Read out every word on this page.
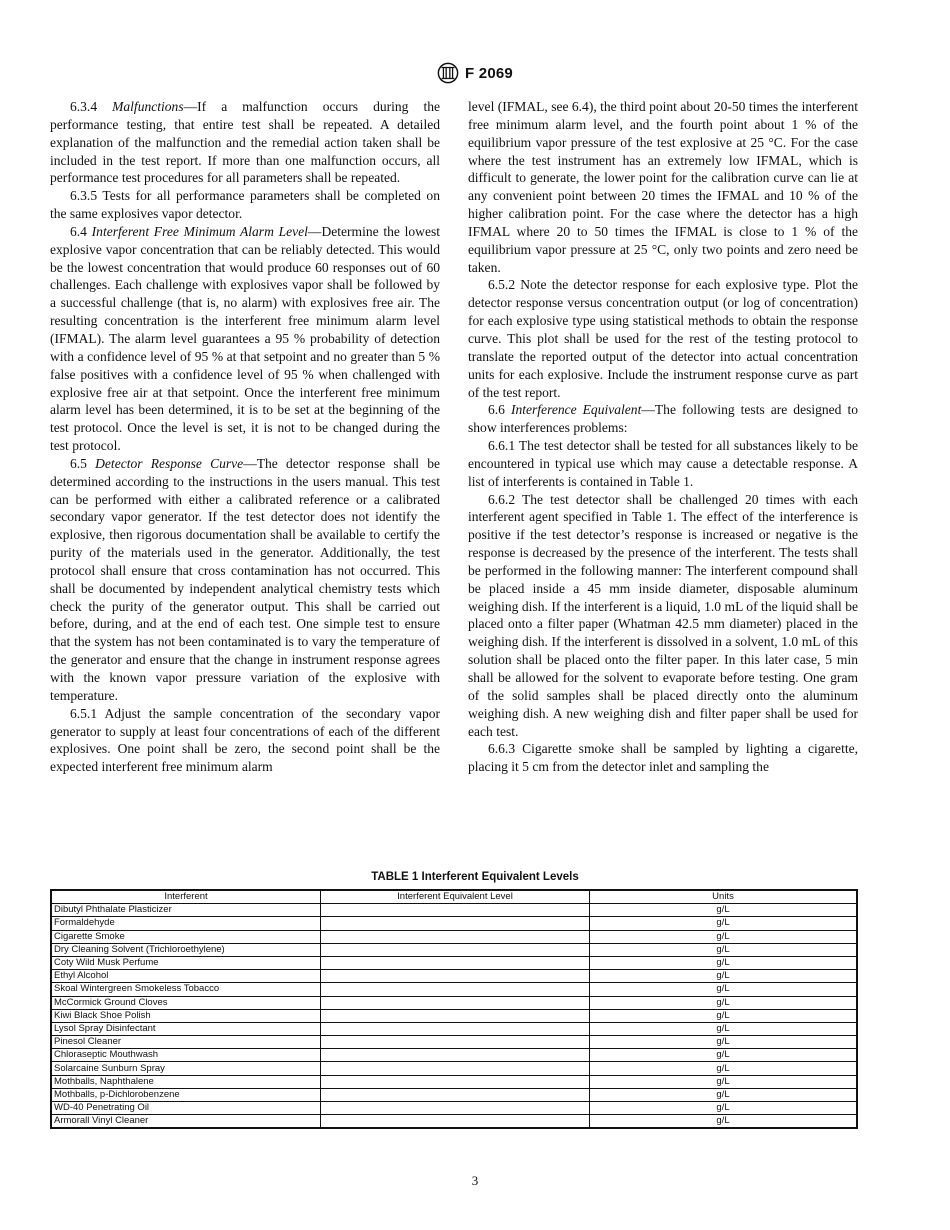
F 2069

6.3.4 Malfunctions—If a malfunction occurs during the performance testing, that entire test shall be repeated. A detailed explanation of the malfunction and the remedial action taken shall be included in the test report. If more than one malfunction occurs, all performance test procedures for all parameters shall be repeated.

6.3.5 Tests for all performance parameters shall be completed on the same explosives vapor detector.

6.4 Interferent Free Minimum Alarm Level—Determine the lowest explosive vapor concentration that can be reliably detected. This would be the lowest concentration that would produce 60 responses out of 60 challenges. Each challenge with explosives vapor shall be followed by a successful challenge (that is, no alarm) with explosives free air. The resulting concentration is the interferent free minimum alarm level (IFMAL). The alarm level guarantees a 95 % probability of detection with a confidence level of 95 % at that setpoint and no greater than 5 % false positives with a confidence level of 95 % when challenged with explosive free air at that setpoint. Once the interferent free minimum alarm level has been determined, it is to be set at the beginning of the test protocol. Once the level is set, it is not to be changed during the test protocol.

6.5 Detector Response Curve—The detector response shall be determined according to the instructions in the users manual. This test can be performed with either a calibrated reference or a calibrated secondary vapor generator. If the test detector does not identify the explosive, then rigorous documentation shall be available to certify the purity of the materials used in the generator. Additionally, the test protocol shall ensure that cross contamination has not occurred. This shall be documented by independent analytical chemistry tests which check the purity of the generator output. This shall be carried out before, during, and at the end of each test. One simple test to ensure that the system has not been contaminated is to vary the temperature of the generator and ensure that the change in instrument response agrees with the known vapor pressure variation of the explosive with temperature.

6.5.1 Adjust the sample concentration of the secondary vapor generator to supply at least four concentrations of each of the different explosives. One point shall be zero, the second point shall be the expected interferent free minimum alarm

level (IFMAL, see 6.4), the third point about 20-50 times the interferent free minimum alarm level, and the fourth point about 1 % of the equilibrium vapor pressure of the test explosive at 25 °C. For the case where the test instrument has an extremely low IFMAL, which is difficult to generate, the lower point for the calibration curve can lie at any convenient point between 20 times the IFMAL and 10 % of the higher calibration point. For the case where the detector has a high IFMAL where 20 to 50 times the IFMAL is close to 1 % of the equilibrium vapor pressure at 25 °C, only two points and zero need be taken.

6.5.2 Note the detector response for each explosive type. Plot the detector response versus concentration output (or log of concentration) for each explosive type using statistical methods to obtain the response curve. This plot shall be used for the rest of the testing protocol to translate the reported output of the detector into actual concentration units for each explosive. Include the instrument response curve as part of the test report.

6.6 Interference Equivalent—The following tests are designed to show interferences problems:

6.6.1 The test detector shall be tested for all substances likely to be encountered in typical use which may cause a detectable response. A list of interferents is contained in Table 1.

6.6.2 The test detector shall be challenged 20 times with each interferent agent specified in Table 1. The effect of the interference is positive if the test detector’s response is increased or negative is the response is decreased by the presence of the interferent. The tests shall be performed in the following manner: The interferent compound shall be placed inside a 45 mm inside diameter, disposable aluminum weighing dish. If the interferent is a liquid, 1.0 mL of the liquid shall be placed onto a filter paper (Whatman 42.5 mm diameter) placed in the weighing dish. If the interferent is dissolved in a solvent, 1.0 mL of this solution shall be placed onto the filter paper. In this later case, 5 min shall be allowed for the solvent to evaporate before testing. One gram of the solid samples shall be placed directly onto the aluminum weighing dish. A new weighing dish and filter paper shall be used for each test.

6.6.3 Cigarette smoke shall be sampled by lighting a cigarette, placing it 5 cm from the detector inlet and sampling the

TABLE 1 Interferent Equivalent Levels
Interferent	Interferent Equivalent Level	Units
Dibutyl Phthalate Plasticizer		g/L
Formaldehyde		g/L
Cigarette Smoke		g/L
Dry Cleaning Solvent (Trichloroethylene)		g/L
Coty Wild Musk Perfume		g/L
Ethyl Alcohol		g/L
Skoal Wintergreen Smokeless Tobacco		g/L
McCormick Ground Cloves		g/L
Kiwi Black Shoe Polish		g/L
Lysol Spray Disinfectant		g/L
Pinesol Cleaner		g/L
Chloraseptic Mouthwash		g/L
Solarcaine Sunburn Spray		g/L
Mothballs, Naphthalene		g/L
Mothballs, p-Dichlorobenzene		g/L
WD-40 Penetrating Oil		g/L
Armorall Vinyl Cleaner		g/L
3
